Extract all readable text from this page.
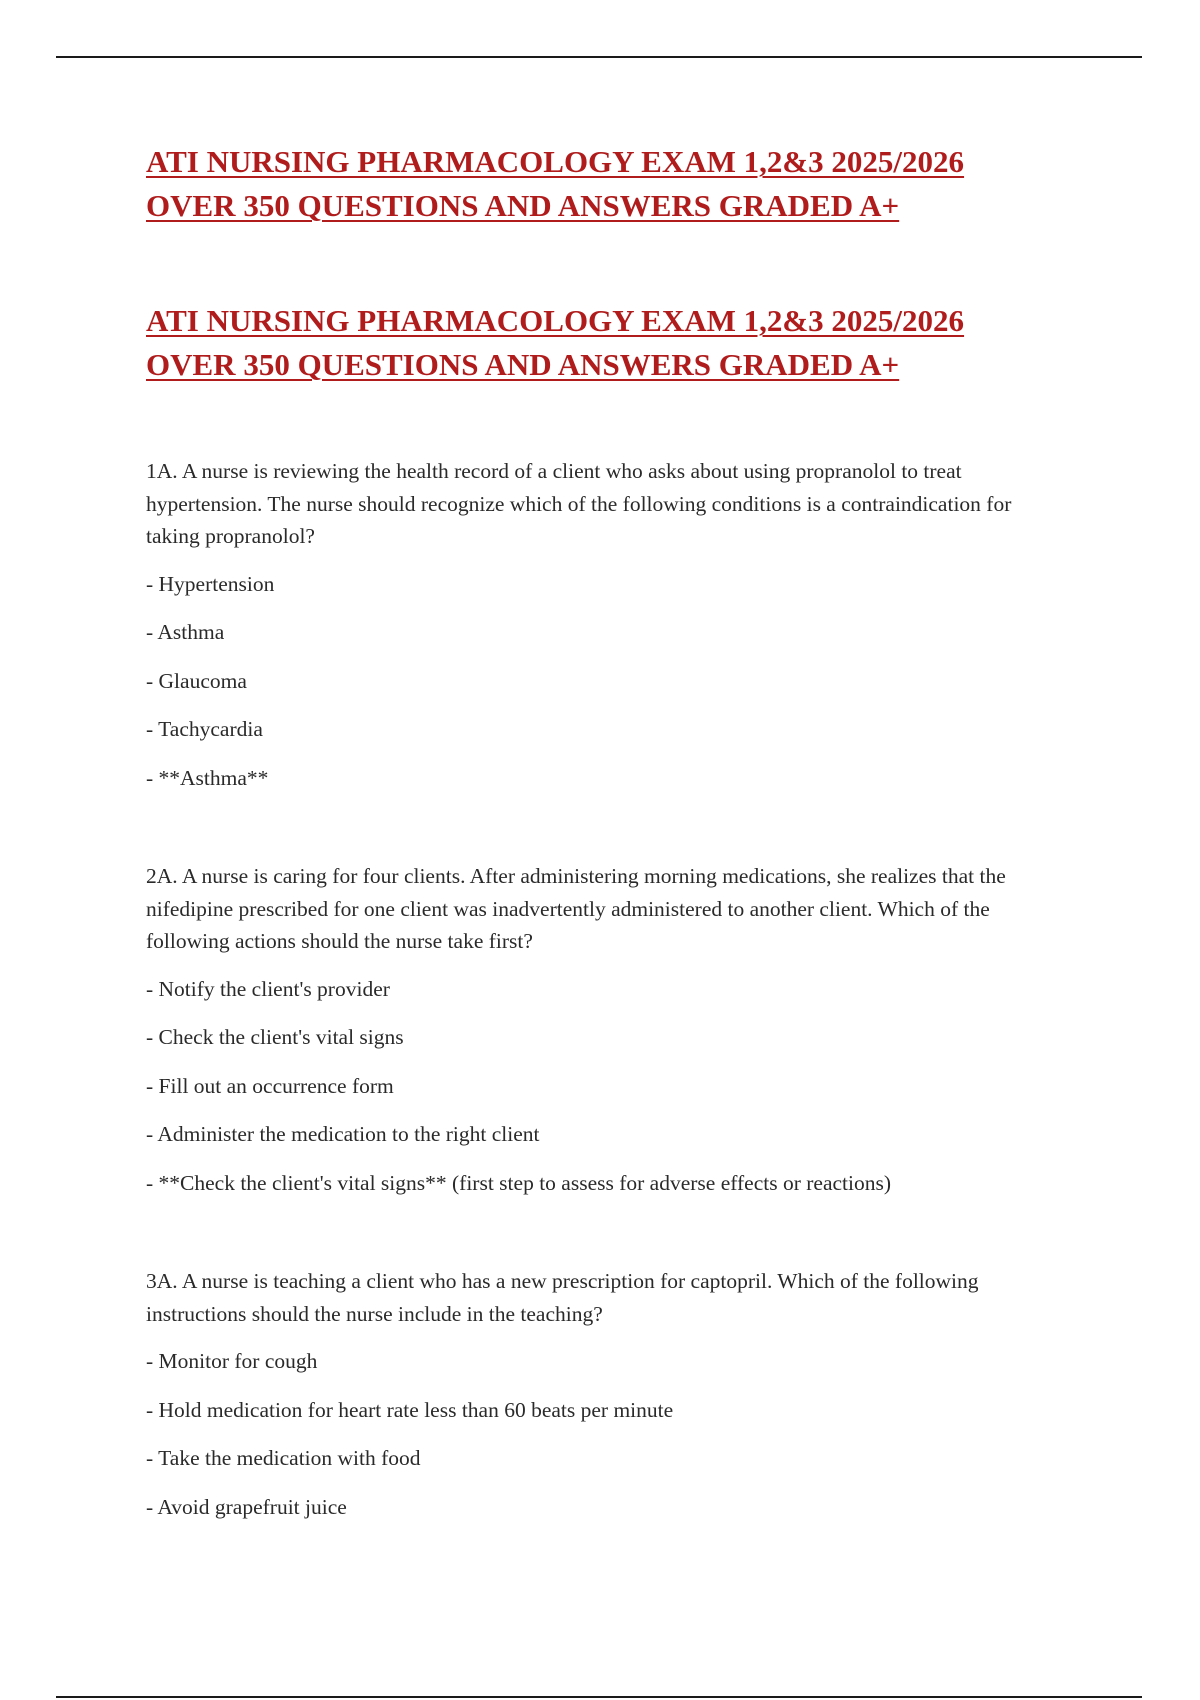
ATI NURSING PHARMACOLOGY EXAM 1,2&3 2025/2026
OVER 350 QUESTIONS AND ANSWERS GRADED A+
ATI NURSING PHARMACOLOGY EXAM 1,2&3 2025/2026
OVER 350 QUESTIONS AND ANSWERS GRADED A+

1A. A nurse is reviewing the health record of a client who asks about using propranolol to treat hypertension. The nurse should recognize which of the following conditions is a contraindication for taking propranolol?

- Hypertension

- Asthma

- Glaucoma

- Tachycardia

- **Asthma**

2A. A nurse is caring for four clients. After administering morning medications, she realizes that the nifedipine prescribed for one client was inadvertently administered to another client. Which of the following actions should the nurse take first?

- Notify the client's provider

- Check the client's vital signs

- Fill out an occurrence form

- Administer the medication to the right client

- **Check the client's vital signs** (first step to assess for adverse effects or reactions)

3A. A nurse is teaching a client who has a new prescription for captopril. Which of the following instructions should the nurse include in the teaching?

- Monitor for cough

- Hold medication for heart rate less than 60 beats per minute

- Take the medication with food

- Avoid grapefruit juice
